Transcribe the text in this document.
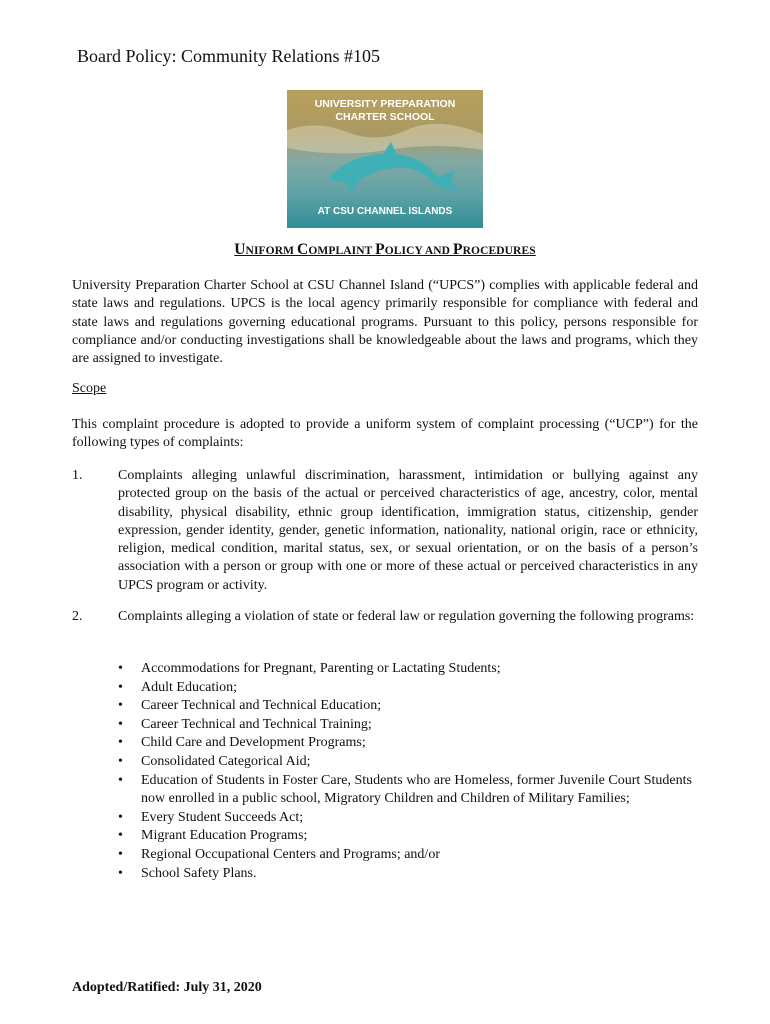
Board Policy: Community Relations #105
UNIVERSITY PREPARATION
CHARTER SCHOOL
AT CSU CHANNEL ISLANDS
UNIFORM COMPLAINT POLICY AND PROCEDURES
University Preparation Charter School at CSU Channel Island (“UPCS”) complies with applicable federal and state laws and regulations. UPCS is the local agency primarily responsible for compliance with federal and state laws and regulations governing educational programs. Pursuant to this policy, persons responsible for compliance and/or conducting investigations shall be knowledgeable about the laws and programs, which they are assigned to investigate.
Scope
This complaint procedure is adopted to provide a uniform system of complaint processing (“UCP”) for the following types of complaints:
1.	Complaints alleging unlawful discrimination, harassment, intimidation or bullying against any protected group on the basis of the actual or perceived characteristics of age, ancestry, color, mental disability, physical disability, ethnic group identification, immigration status, citizenship, gender expression, gender identity, gender, genetic information, nationality, national origin, race or ethnicity, religion, medical condition, marital status, sex, or sexual orientation, or on the basis of a person’s association with a person or group with one or more of these actual or perceived characteristics in any UPCS program or activity.
2.	Complaints alleging a violation of state or federal law or regulation governing the following programs:
• Accommodations for Pregnant, Parenting or Lactating Students;
• Adult Education;
• Career Technical and Technical Education;
• Career Technical and Technical Training;
• Child Care and Development Programs;
• Consolidated Categorical Aid;
• Education of Students in Foster Care, Students who are Homeless, former Juvenile Court Students now enrolled in a public school, Migratory Children and Children of Military Families;
• Every Student Succeeds Act;
• Migrant Education Programs;
• Regional Occupational Centers and Programs; and/or
• School Safety Plans.
Adopted/Ratified: July 31, 2020
